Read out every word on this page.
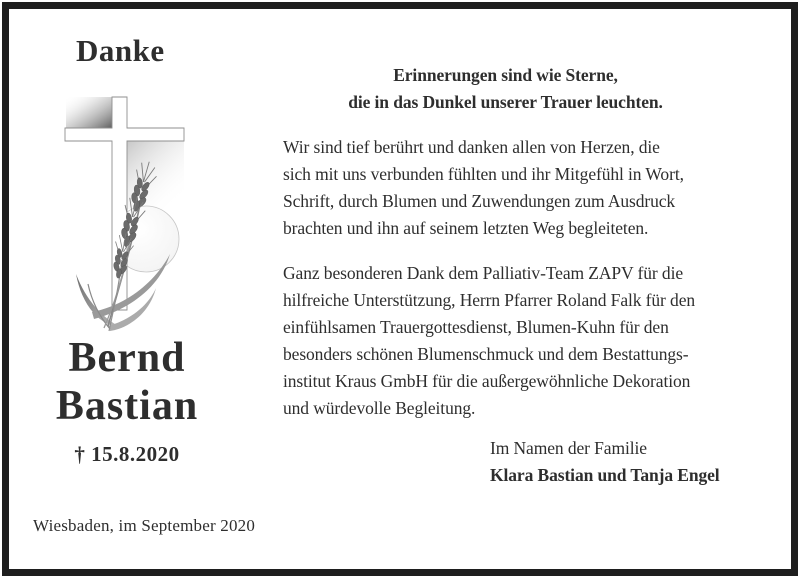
Danke
Bernd
Bastian
† 15.8.2020
Erinnerungen sind wie Sterne,
die in das Dunkel unserer Trauer leuchten.
Wir sind tief berührt und danken allen von Herzen, die
sich mit uns verbunden fühlten und ihr Mitgefühl in Wort,
Schrift, durch Blumen und Zuwendungen zum Ausdruck
brachten und ihn auf seinem letzten Weg begleiteten.
Ganz besonderen Dank dem Palliativ-Team ZAPV für die
hilfreiche Unterstützung, Herrn Pfarrer Roland Falk für den
einfühlsamen Trauergottesdienst, Blumen-Kuhn für den
besonders schönen Blumenschmuck und dem Bestattungs-
institut Kraus GmbH für die außergewöhnliche Dekoration
und würdevolle Begleitung.
Im Namen der Familie
Klara Bastian und Tanja Engel
Wiesbaden, im September 2020
